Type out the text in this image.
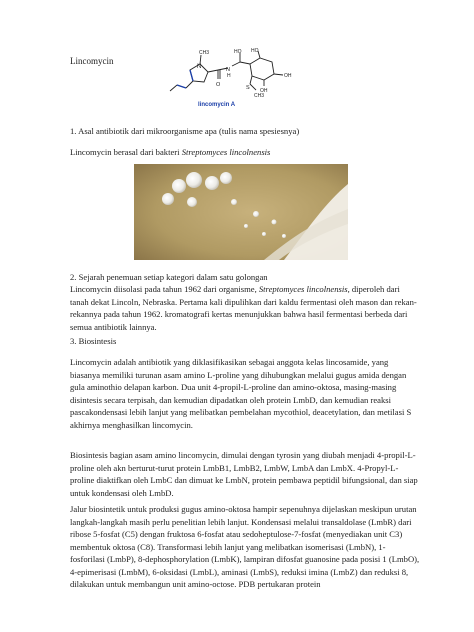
Lincomycin
N
CH3
O
N
H
HO HO
OH
OH
S
CH3
lincomycin A
1. Asal antibiotik dari mikroorganisme apa (tulis nama spesiesnya)
Lincomycin berasal dari bakteri Streptomyces lincolnensis
2. Sejarah penemuan setiap kategori dalam satu golongan
Lincomycin diisolasi pada tahun 1962 dari organisme, Streptomyces lincolnensis, diperoleh dari tanah dekat Lincoln, Nebraska. Pertama kali dipulihkan dari kaldu fermentasi oleh mason dan rekan-rekannya pada tahun 1962. kromatografi kertas menunjukkan bahwa hasil fermentasi berbeda dari semua antibiotik lainnya.
3. Biosintesis
Lincomycin adalah antibiotik yang diklasifikasikan sebagai anggota kelas lincosamide, yang biasanya memiliki turunan asam amino L-proline yang dihubungkan melalui gugus amida dengan gula aminothio delapan karbon. Dua unit 4-propil-L-proline dan amino-oktosa, masing-masing disintesis secara terpisah, dan kemudian dipadatkan oleh protein LmbD, dan kemudian reaksi pascakondensasi lebih lanjut yang melibatkan pembelahan mycothiol, deacetylation, dan metilasi S akhirnya menghasilkan lincomycin.
Biosintesis bagian asam amino lincomycin, dimulai dengan tyrosin yang diubah menjadi 4-propil-L-proline oleh akn berturut-turut protein LmbB1, LmbB2, LmbW, LmbA dan LmbX. 4-Propyl-L-proline diaktifkan oleh LmbC dan dimuat ke LmbN, protein pembawa peptidil bifungsional, dan siap untuk kondensasi oleh LmbD.
Jalur biosintetik untuk produksi gugus amino-oktosa hampir sepenuhnya dijelaskan meskipun urutan langkah-langkah masih perlu penelitian lebih lanjut. Kondensasi melalui transaldolase (LmbR) dari ribose 5-fosfat (C5) dengan fruktosa 6-fosfat atau sedoheptulose-7-fosfat (menyediakan unit C3) membentuk oktosa (C8). Transformasi lebih lanjut yang melibatkan isomerisasi (LmbN), 1-fosforilasi (LmbP), 8-dephosphorylation (LmbK), lampiran difosfat guanosine pada posisi 1 (LmbO), 4-epimerisasi (LmbM), 6-oksidasi (LmbL), aminasi (LmbS), reduksi imina (LmbZ) dan reduksi 8, dilakukan untuk membangun unit amino-octose. PDB pertukaran protein
